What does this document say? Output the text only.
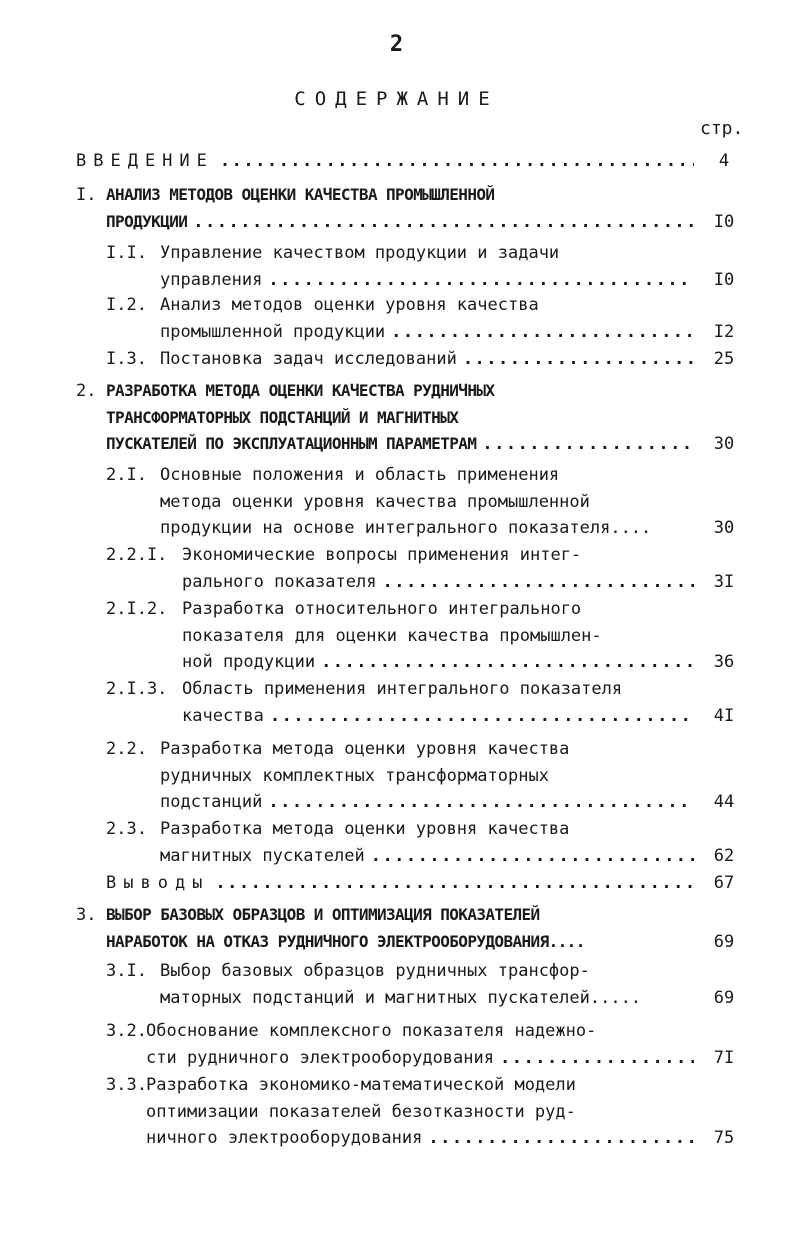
2
СОДЕРЖАНИЕ
стр.
ВВЕДЕНИЕ .....	4
I. АНАЛИЗ МЕТОДОВ ОЦЕНКИ КАЧЕСТВА ПРОМЫШЛЕННОЙ
ПРОДУКЦИИ .....	I0
I.I. Управление качеством продукции и задачи
управления .....	I0
I.2. Анализ методов оценки уровня качества
промышленной продукции .....	I2
I.3. Постановка задач исследований .....	25
2. РАЗРАБОТКА МЕТОДА ОЦЕНКИ КАЧЕСТВА РУДНИЧНЫХ
ТРАНСФОРМАТОРНЫХ ПОДСТАНЦИЙ И МАГНИТНЫХ
ПУСКАТЕЛЕЙ ПО ЭКСПЛУАТАЦИОННЫМ ПАРАМЕТРАМ .....	30
2.I. Основные положения и область применения
метода оценки уровня качества промышленной
продукции на основе интегрального показателя....	30
2.2.I. Экономические вопросы применения интег-
рального показателя .....	3I
2.I.2. Разработка относительного интегрального
показателя для оценки качества промышлен-
ной продукции .....	36
2.I.3. Область применения интегрального показателя
качества .....	4I
2.2. Разработка метода оценки уровня качества
рудничных комплектных трансформаторных
подстанций .....	44
2.3. Разработка метода оценки уровня качества
магнитных пускателей .....	62
Выводы .....	67
3. ВЫБОР БАЗОВЫХ ОБРАЗЦОВ И ОПТИМИЗАЦИЯ ПОКАЗАТЕЛЕЙ
НАРАБОТОК НА ОТКАЗ РУДНИЧНОГО ЭЛЕКТРООБОРУДОВАНИЯ....	69
3.I. Выбор базовых образцов рудничных трансфор-
маторных подстанций и магнитных пускателей.....	69
3.2. Обоснование комплексного показателя надежно-
сти рудничного электрооборудования .....	7I
3.3. Разработка экономико-математической модели
оптимизации показателей безотказности руд-
ничного электрооборудования .....	75
